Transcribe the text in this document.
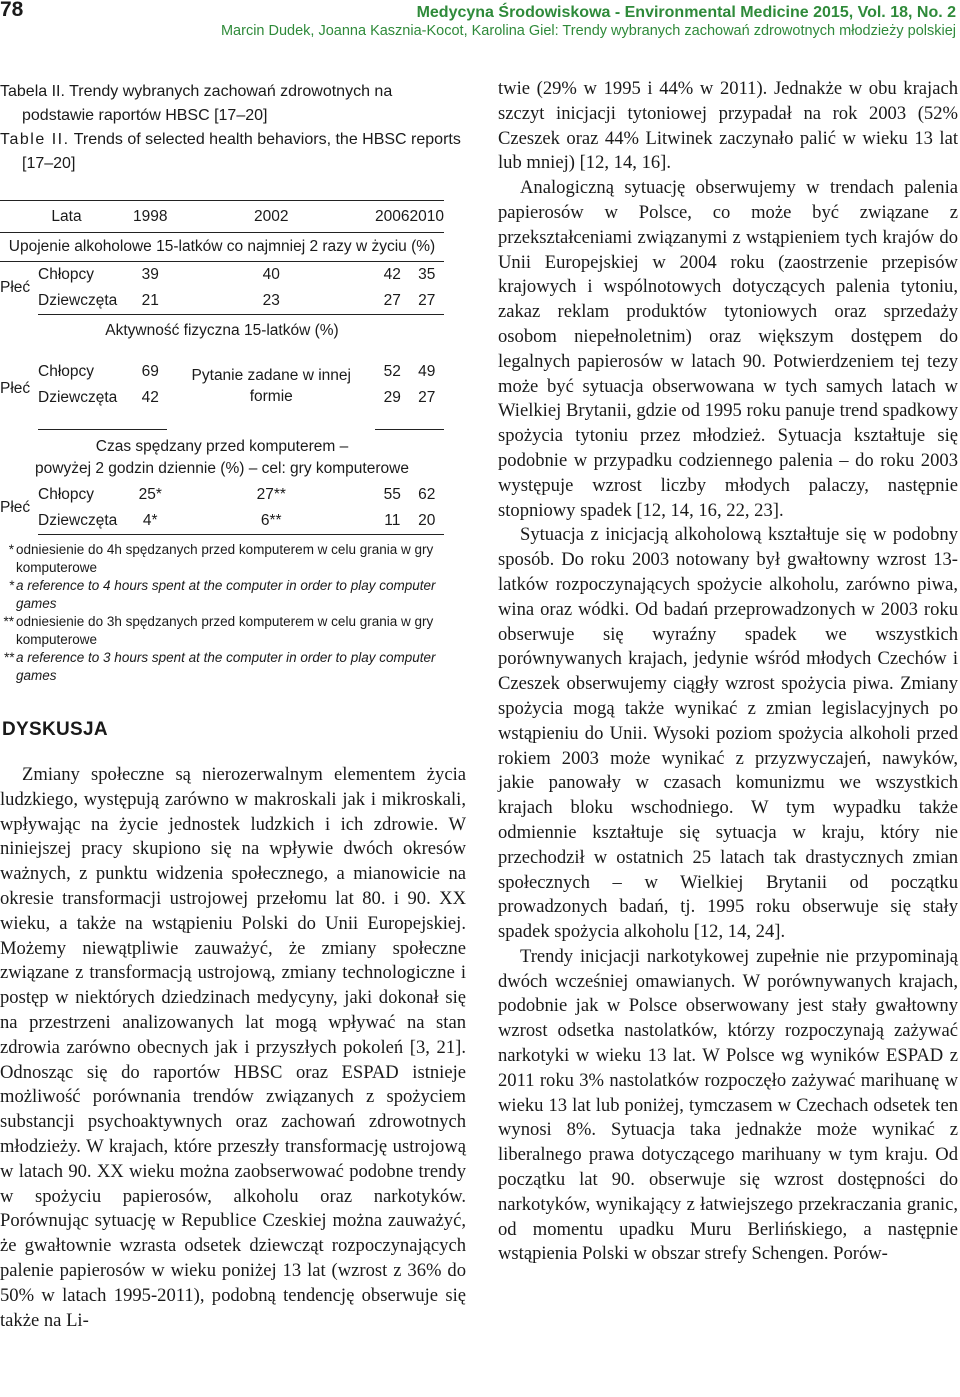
78	Medycyna Środowiskowa - Environmental Medicine 2015, Vol. 18, No. 2
Marcin Dudek, Joanna Kasznia-Kocot, Karolina Giel: Trendy wybranych zachowań zdrowotnych młodzieży polskiej

Tabela II. Trendy wybranych zachowań zdrowotnych na podstawie raportów HBSC [17–20]
Table II. Trends of selected health behaviors, the HBSC reports [17–20]

Lata		1998	2002	2006	2010
Upojenie alkoholowe 15-latków co najmniej 2 razy w życiu (%)					
Płeć	Chłopcy	39	40	42	35
	Dziewczęta	21	23	27	27
Aktywność fizyczna 15-latków (%)					
Płeć	Chłopcy	69	Pytanie zadane w innej formie	52	49
	Dziewczęta	42		29	27
Czas spędzany przed komputerem –
powyżej 2 godzin dziennie (%) – cel: gry komputerowe					
Płeć	Chłopcy	25*	27**	55	62
	Dziewczęta	4*	6**	11	20
* odniesienie do 4h spędzanych przed komputerem w celu grania w gry komputerowe
* a reference to 4 hours spent at the computer in order to play computer games
** odniesienie do 3h spędzanych przed komputerem w celu grania w gry komputerowe
** a reference to 3 hours spent at the computer in order to play computer games
DYSKUSJA

Zmiany społeczne są nierozerwalnym elementem życia ludzkiego, występują zarówno w makroskali jak i mikroskali, wpływając na życie jednostek ludzkich i ich zdrowie. W niniejszej pracy skupiono się na wpływie dwóch okresów ważnych, z punktu widzenia społecznego, a mianowicie na okresie transformacji ustrojowej przełomu lat 80. i 90. XX wieku, a także na wstąpieniu Polski do Unii Europejskiej. Możemy niewątpliwie zauważyć, że zmiany społeczne związane z transformacją ustrojową, zmiany technologiczne i postęp w niektórych dziedzinach medycyny, jaki dokonał się na przestrzeni analizowanych lat mogą wpływać na stan zdrowia zarówno obecnych jak i przyszłych pokoleń [3, 21]. Odnosząc się do raportów HBSC oraz ESPAD istnieje możliwość porównania trendów związanych z spożyciem substancji psychoaktywnych oraz zachowań zdrowotnych młodzieży. W krajach, które przeszły transformację ustrojową w latach 90. XX wieku można zaobserwować podobne trendy w spożyciu papierosów, alkoholu oraz narkotyków. Porównując sytuację w Republice Czeskiej można zauważyć, że gwałtownie wzrasta odsetek dziewcząt rozpoczynających palenie papierosów w wieku poniżej 13 lat (wzrost z 36% do 50% w latach 1995-2011), podobną tendencję obserwuje się także na Li-

twie (29% w 1995 i 44% w 2011). Jednakże w obu krajach szczyt inicjacji tytoniowej przypadał na rok 2003 (52% Czeszek oraz 44% Litwinek zaczynało palić w wieku 13 lat lub mniej) [12, 14, 16].

Analogiczną sytuację obserwujemy w trendach palenia papierosów w Polsce, co może być związane z przekształceniami związanymi z wstąpieniem tych krajów do Unii Europejskiej w 2004 roku (zaostrzenie przepisów krajowych i wspólnotowych dotyczących palenia tytoniu, zakaz reklam produktów tytoniowych oraz sprzedaży osobom niepełnoletnim) oraz większym dostępem do legalnych papierosów w latach 90. Potwierdzeniem tej tezy może być sytuacja obserwowana w tych samych latach w Wielkiej Brytanii, gdzie od 1995 roku panuje trend spadkowy spożycia tytoniu przez młodzież. Sytuacja kształtuje się podobnie w przypadku codziennego palenia – do roku 2003 występuje wzrost liczby młodych palaczy, następnie stopniowy spadek [12, 14, 16, 22, 23].

Sytuacja z inicjacją alkoholową kształtuje się w podobny sposób. Do roku 2003 notowany był gwałtowny wzrost 13-latków rozpoczynających spożycie alkoholu, zarówno piwa, wina oraz wódki. Od badań przeprowadzonych w 2003 roku obserwuje się wyraźny spadek we wszystkich porównywanych krajach, jedynie wśród młodych Czechów i Czeszek obserwujemy ciągły wzrost spożycia piwa. Zmiany spożycia mogą także wynikać z zmian legislacyjnych po wstąpieniu do Unii. Wysoki poziom spożycia alkoholi przed rokiem 2003 może wynikać z przyzwyczajeń, nawyków, jakie panowały w czasach komunizmu we wszystkich krajach bloku wschodniego. W tym wypadku także odmiennie kształtuje się sytuacja w kraju, który nie przechodził w ostatnich 25 latach tak drastycznych zmian społecznych – w Wielkiej Brytanii od początku prowadzonych badań, tj. 1995 roku obserwuje się stały spadek spożycia alkoholu [12, 14, 24].

Trendy inicjacji narkotykowej zupełnie nie przypominają dwóch wcześniej omawianych. W porównywanych krajach, podobnie jak w Polsce obserwowany jest stały gwałtowny wzrost odsetka nastolatków, którzy rozpoczynają zażywać narkotyki w wieku 13 lat. W Polsce wg wyników ESPAD z 2011 roku 3% nastolatków rozpoczęło zażywać marihuanę w wieku 13 lat lub poniżej, tymczasem w Czechach odsetek ten wynosi 8%. Sytuacja taka jednakże może wynikać z liberalnego prawa dotyczącego marihuany w tym kraju. Od początku lat 90. obserwuje się wzrost dostępności do narkotyków, wynikający z łatwiejszego przekraczania granic, od momentu upadku Muru Berlińskiego, a następnie wstąpienia Polski w obszar strefy Schengen. Porów-
